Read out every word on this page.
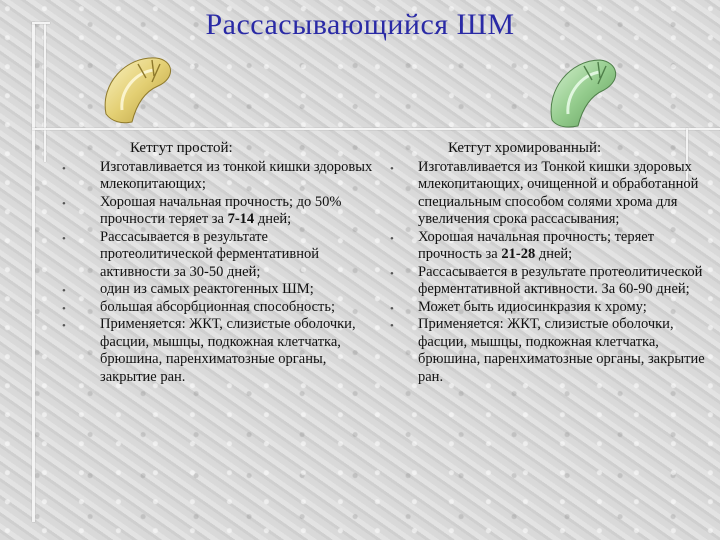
Рассасывающийся ШМ
Кетгут простой:
• Изготавливается из тонкой кишки здоровых млекопитающих;
• Хорошая начальная прочность; до 50% прочности теряет за 7-14 дней;
• Рассасывается в результате протеолитической ферментативной активности за 30-50 дней;
• один из самых реактогенных ШМ;
• большая абсорбционная способность;
• Применяется: ЖКТ, слизистые оболочки, фасции, мышцы, подкожная клетчатка, брюшина, паренхиматозные органы, закрытие ран.
Кетгут хромированный:
• Изготавливается из Тонкой кишки здоровых млекопитающих, очищенной и обработанной специальным способом солями хрома для увеличения срока рассасывания;
• Хорошая начальная прочность; теряет прочность за 21-28 дней;
• Рассасывается в результате протеолитической ферментативной активности. За 60-90 дней;
• Может быть идиосинкразия к хрому;
• Применяется: ЖКТ, слизистые оболочки, фасции, мышцы, подкожная клетчатка, брюшина, паренхиматозные органы, закрытие ран.
